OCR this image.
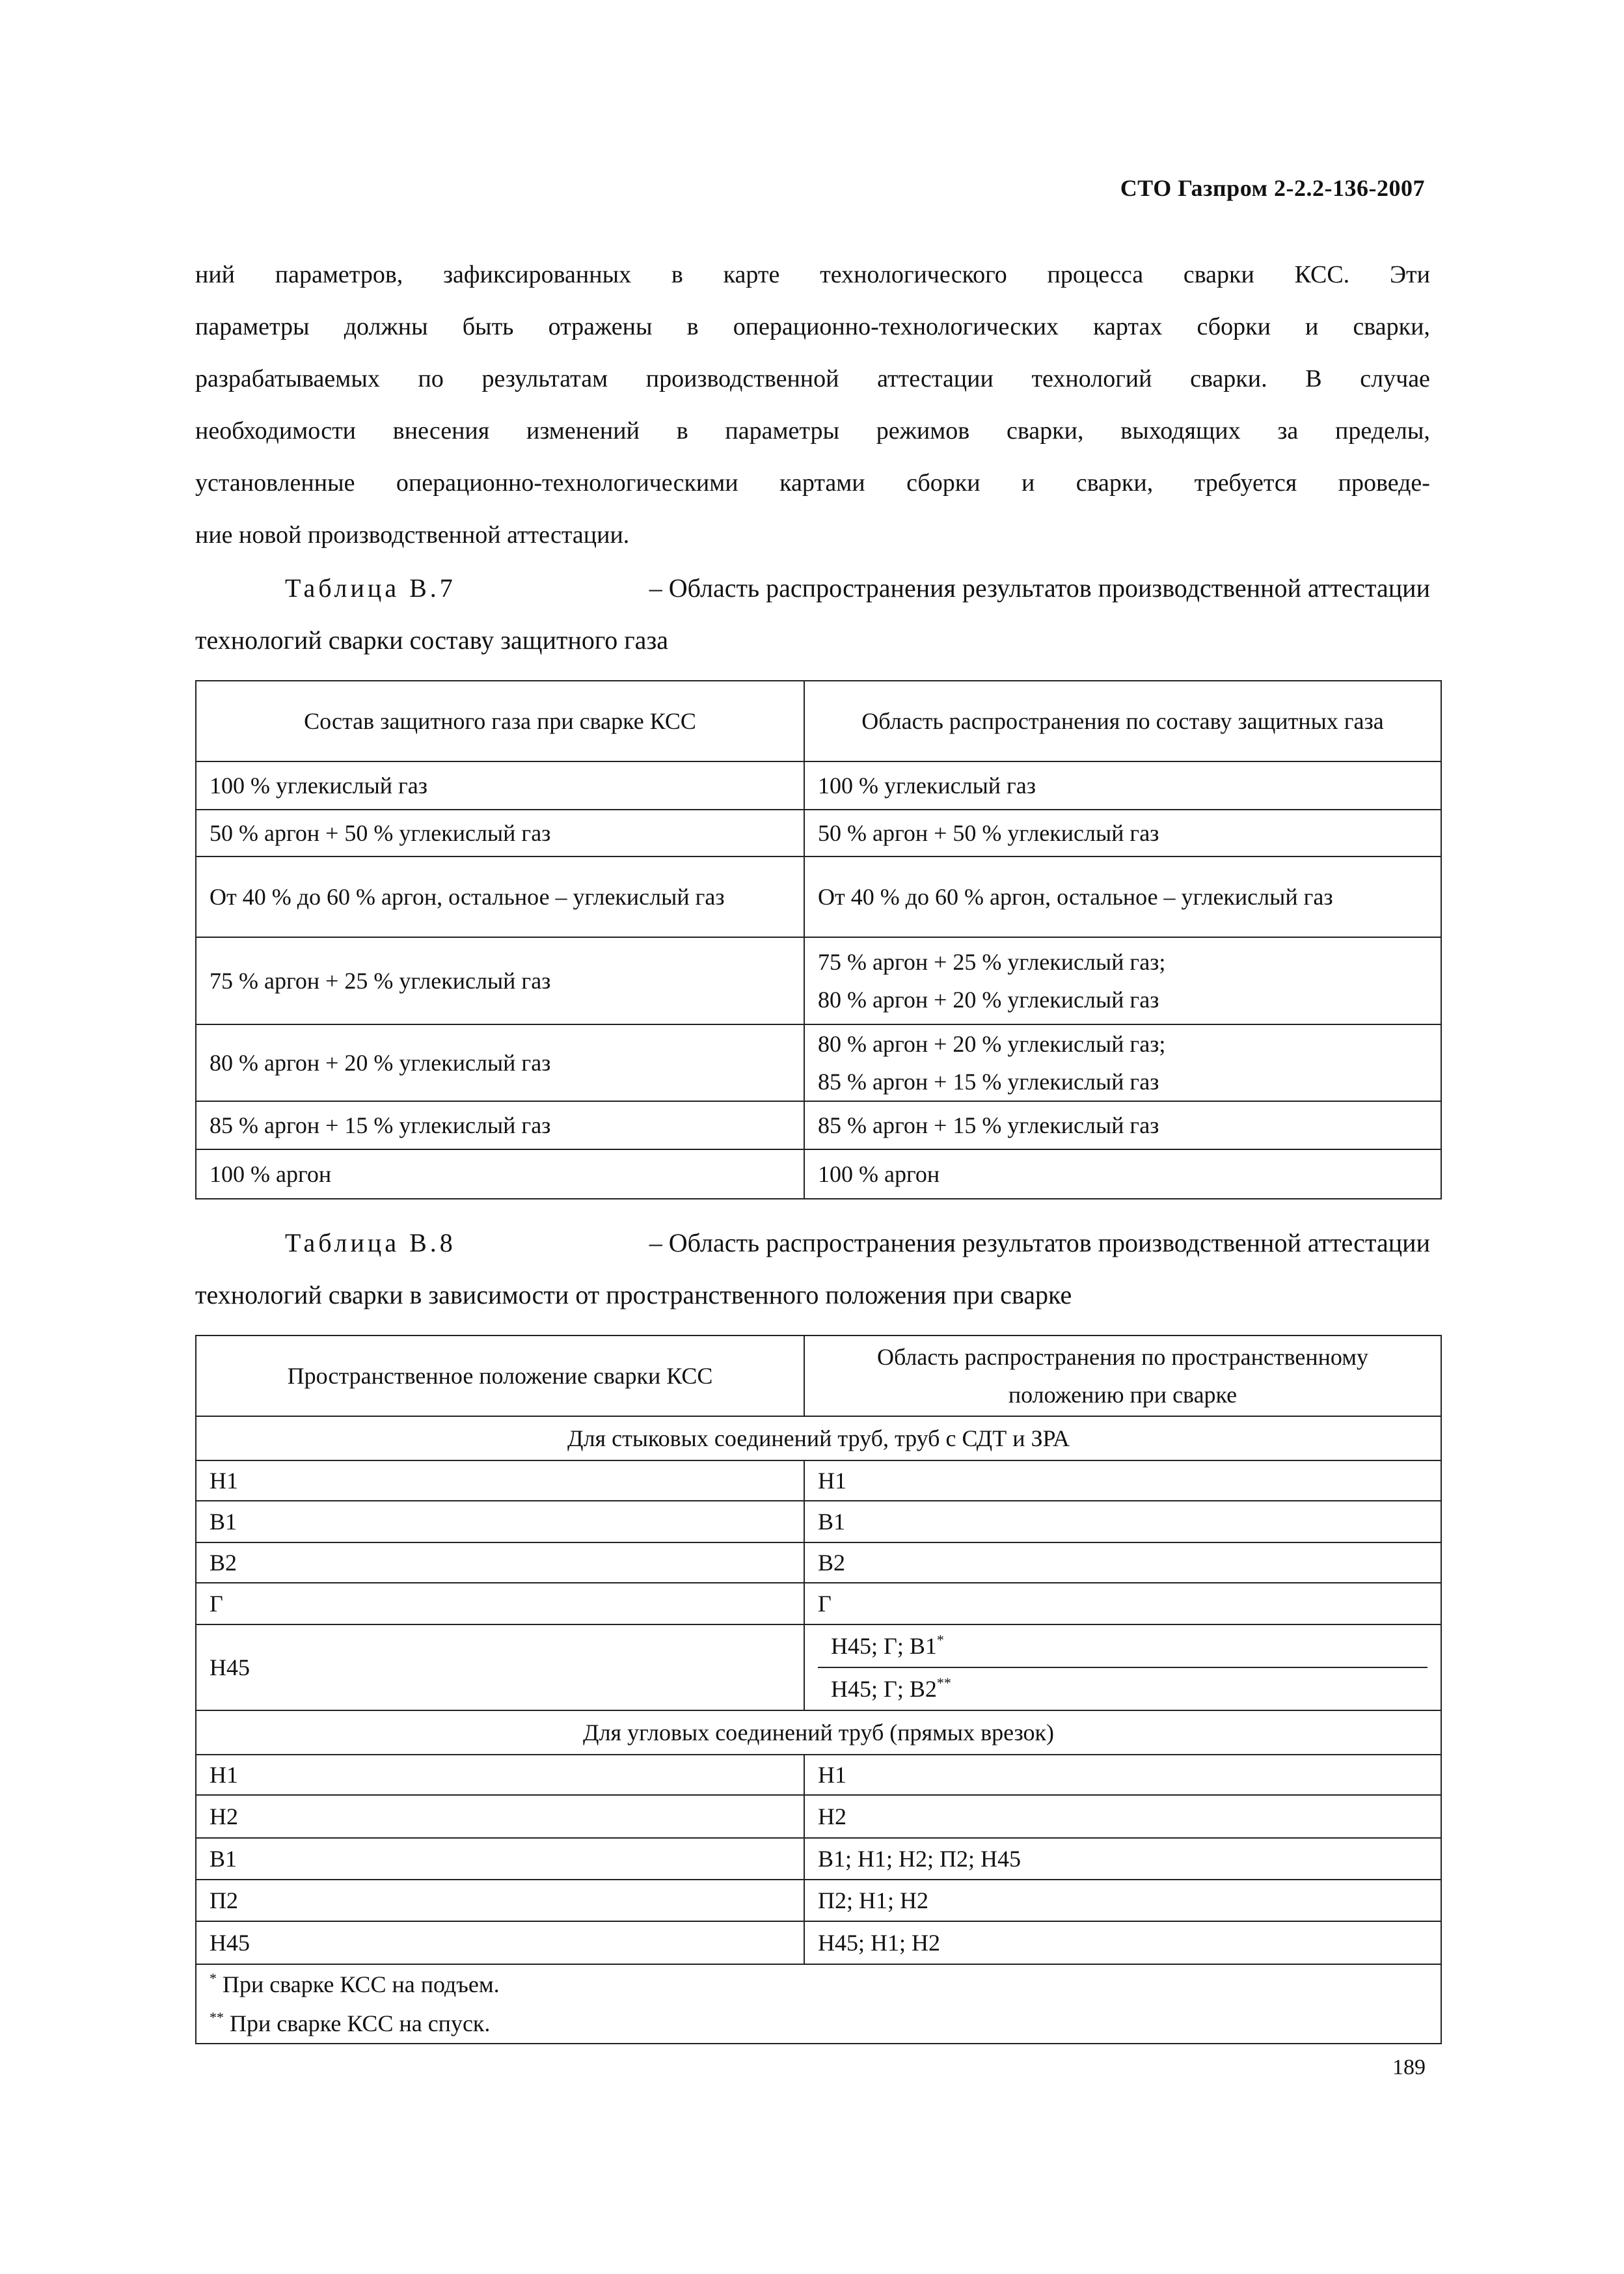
СТО Газпром 2-2.2-136-2007
ний параметров, зафиксированных в карте технологического процесса сварки КСС. Эти
параметры должны быть отражены в операционно-технологических картах сборки и сварки,
разрабатываемых по результатам производственной аттестации технологий сварки. В случае
необходимости внесения изменений в параметры режимов сварки, выходящих за пределы,
установленные операционно-технологическими картами сборки и сварки, требуется проведе-
ние новой производственной аттестации.
Таблица В.7
	– Область распространения результатов производственной аттестации
технологий сварки составу защитного газа
Состав защитного газа при сварке КСС	Область распространения по составу защитных газа
100 % углекислый газ	100 % углекислый газ
50 % аргон + 50 % углекислый газ	50 % аргон + 50 % углекислый газ
От 40 % до 60 % аргон, остальное – углекислый газ	От 40 % до 60 % аргон, остальное – углекислый газ
75 % аргон + 25 % углекислый газ	75 % аргон + 25 % углекислый газ;
80 % аргон + 20 % углекислый газ

80 % аргон + 20 % углекислый газ	80 % аргон + 20 % углекислый газ;
85 % аргон + 15 % углекислый газ

85 % аргон + 15 % углекислый газ	85 % аргон + 15 % углекислый газ
100 % аргон	100 % аргон
Таблица В.8
	– Область распространения результатов производственной аттестации
технологий сварки в зависимости от пространственного положения при сварке
Пространственное положение сварки КСС	Область распространения по пространственному положению при сварке
Для стыковых соединений труб, труб с СДТ и ЗРА	
Н1	Н1
В1	В1
В2	В2
Г	Г
Н45	Н45; Г; В1*
Н45; Г; В2**

Для угловых соединений труб (прямых врезок)	
Н1	Н1
Н2	Н2
В1	В1; Н1; Н2; П2; Н45
П2	П2; Н1; Н2
Н45	Н45; Н1; Н2

* При сварке КСС на подъем.
** При сварке КСС на спуск.	
189
